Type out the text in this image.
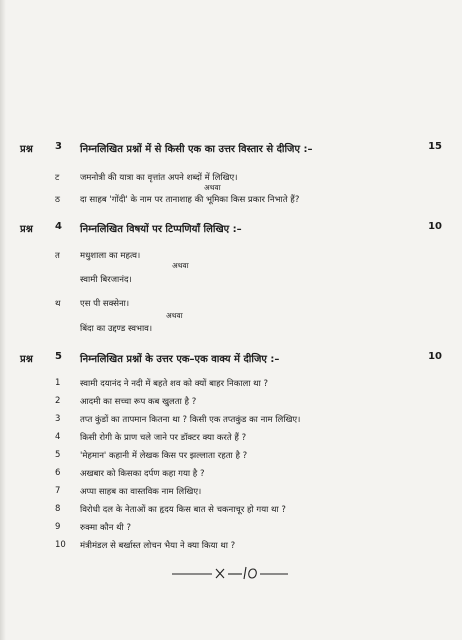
प्रश्न 3 निम्नलिखित प्रश्नों में से किसी एक का उत्तर विस्तार से दीजिए :–	15
ट जमनोत्री की यात्रा का वृत्तांत अपने शब्दों में लिखिए।
अथवा
ठ दा साहब 'गोंदी' के नाम पर तानाशाह की भूमिका किस प्रकार निभाते हैं?
प्रश्न 4 निम्नलिखित विषयों पर टिप्पणियाँ लिखिए :–	10
त मधुशाला का महत्व।
अथवा
स्वामी बिरजानंद।
थ एस पी सक्सेना।
अथवा
बिंदा का उद्दण्ड स्वभाव।
प्रश्न 5 निम्नलिखित प्रश्नों के उत्तर एक–एक वाक्य में दीजिए :–	10
1 स्वामी दयानंद ने नदी में बहते शव को क्यों बाहर निकाला था ?
2 आदमी का सच्चा रूप कब खुलता है ?
3 तप्त कुंडों का तापमान कितना था ? किसी एक तप्तकुंड का नाम लिखिए।
4 किसी रोगी के प्राण चले जाने पर डॉक्टर क्या करते हैं ?
5 'मेहमान' कहानी में लेखक किस पर झल्लाता रहता है ?
6 अखबार को किसका दर्पण कहा गया है ?
7 अप्पा साहब का वास्तविक नाम लिखिए।
8 विरोधी दल के नेताओं का हृदय किस बात से चकनाचूर हो गया था ?
9 रुक्मा कौन थी ?
10 मंत्रीमंडल से बर्खास्त लोचन भैया ने क्या किया था ?
